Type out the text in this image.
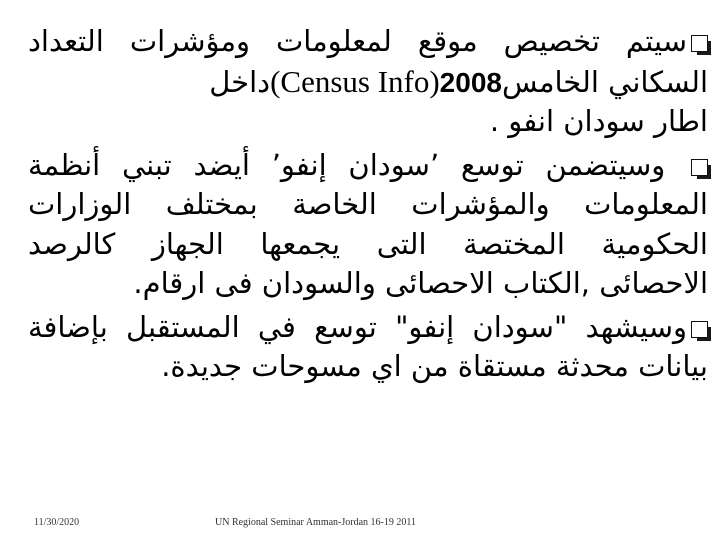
سيتم تخصيص موقع لمعلومات ومؤشرات التعداد
السكاني الخامس2008(Census Info)داخل
اطار سودان انفو .
وسيتضمن توسع ’سودان إنفو’ أيضد تبني أنظمة
المعلومات والمؤشرات الخاصة بمختلف الوزارات
الحكومية المختصة التى يجمعها الجهاز كالرصد
الاحصائى ,الكتاب الاحصائى والسودان فى ارقام.
وسيشهد "سودان إنفو" توسع في المستقبل بإضافة
بيانات محدثة مستقاة من اي مسوحات جديدة.
11/30/2020	UN Regional Seminar Amman-Jordan 16-19 2011
